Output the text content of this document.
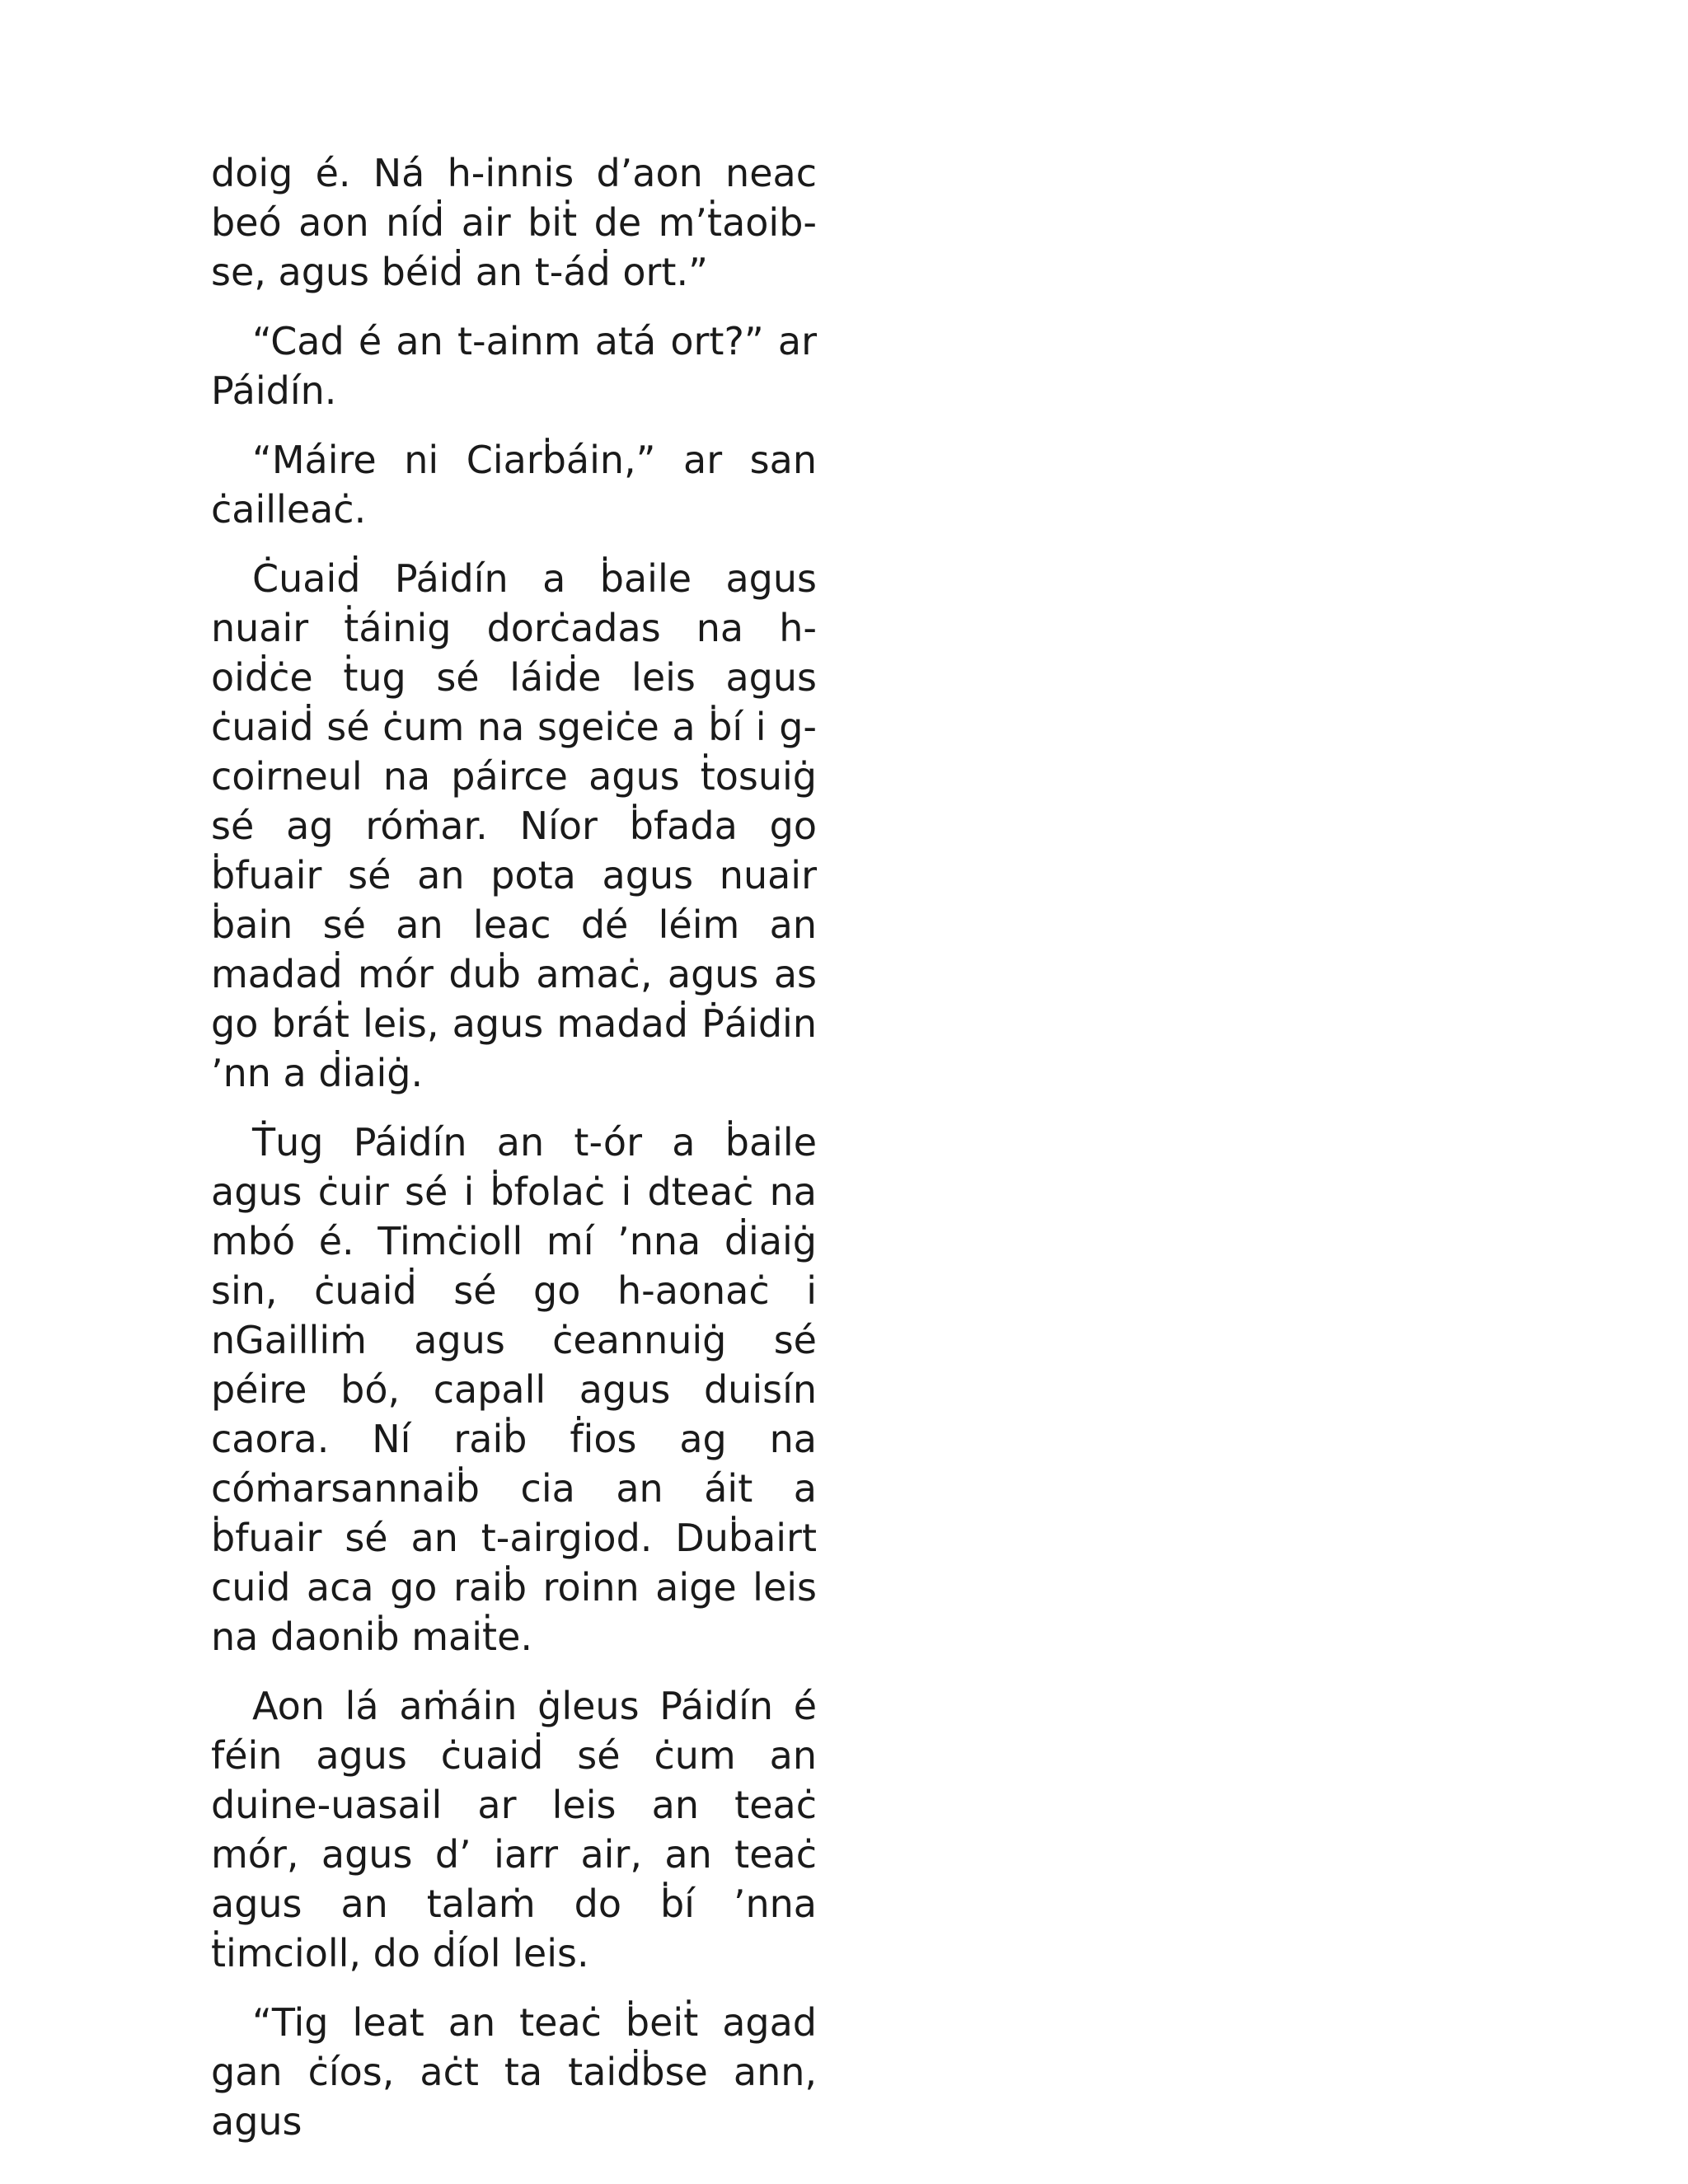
doig é. Ná h-innis d’aon neac beó aon níḋ air biṫ de m’ṫaoib-se, agus béiḋ an t-áḋ ort.”

“Cad é an t-ainm atá ort?” ar Páidín.

“Máire ni Ciarḃáin,” ar san ċailleaċ.

Ċuaiḋ Páidín a ḃaile agus nuair ṫáinig dorċadas na h-oiḋċe ṫug sé láiḋe leis agus ċuaiḋ sé ċum na sgeiċe a ḃí i g-coirneul na páirce agus ṫosuiġ sé ag róṁar. Níor ḃfada go ḃfuair sé an pota agus nuair ḃain sé an leac dé léim an madaḋ mór duḃ amaċ, agus as go bráṫ leis, agus madaḋ Ṗáidin ’nn a ḋiaiġ.

Ṫug Páidín an t-ór a ḃaile agus ċuir sé i ḃfolaċ i dteaċ na mbó é. Timċioll mí ’nna ḋiaiġ sin, ċuaiḋ sé go h-aonaċ i nGailliṁ agus ċeannuiġ sé péire bó, capall agus duisín caora. Ní raiḃ ḟios ag na cóṁarsannaiḃ cia an áit a ḃfuair sé an t-airgiod. Duḃairt cuid aca go raiḃ roinn aige leis na daoniḃ maiṫe.

Aon lá aṁáin ġleus Páidín é féin agus ċuaiḋ sé ċum an duine-uasail ar leis an teaċ mór, agus d’ iarr air, an teaċ agus an talaṁ do ḃí ’nna ṫimcioll, do ḋíol leis.

“Tig leat an teaċ ḃeiṫ agad gan ċíos, aċt ta taiḋḃse ann, agus
